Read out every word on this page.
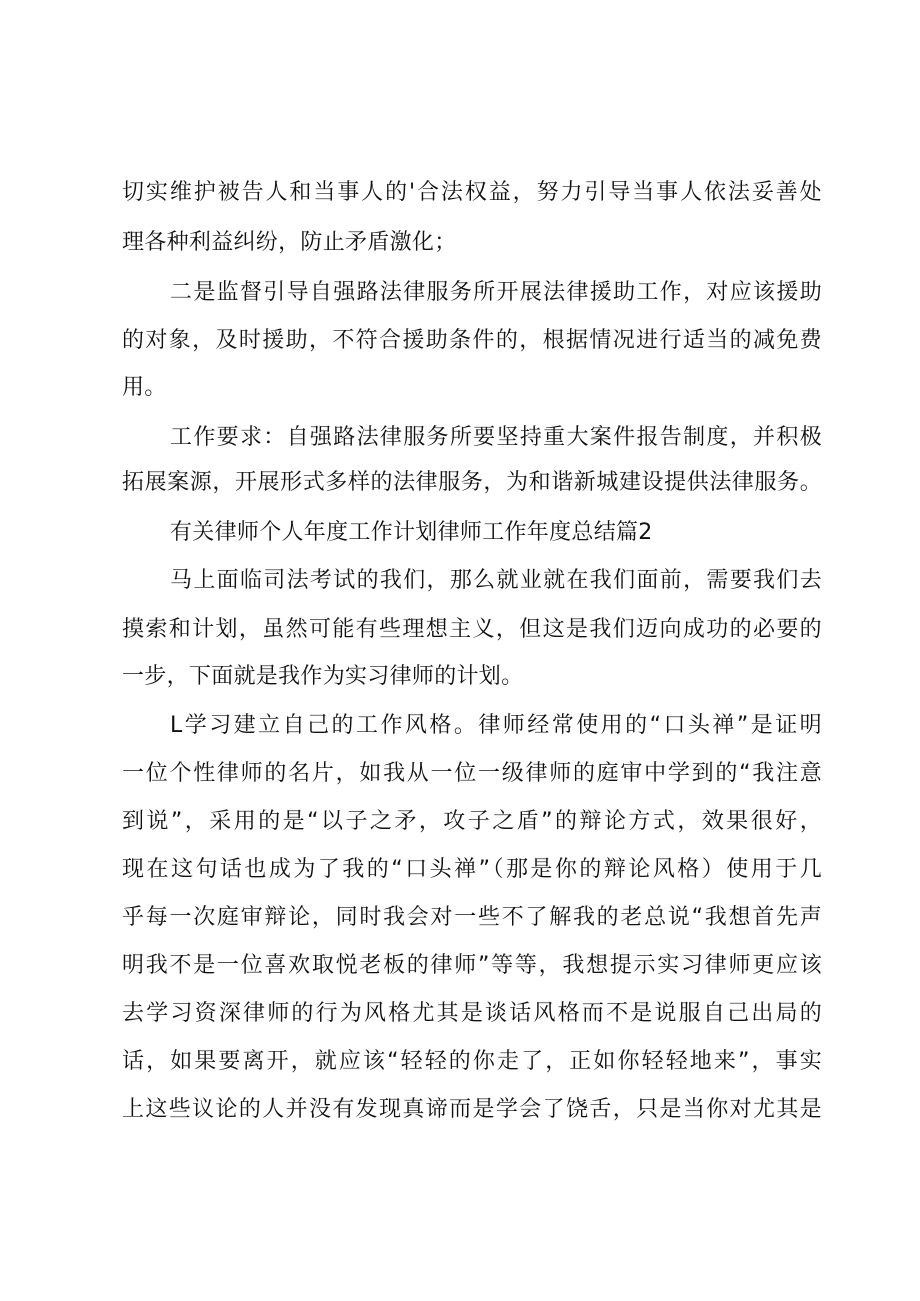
切实维护被告人和当事人的'合法权益，努力引导当事人依法妥善处
理各种利益纠纷，防止矛盾激化；
二是监督引导自强路法律服务所开展法律援助工作，对应该援助
的对象，及时援助，不符合援助条件的，根据情况进行适当的减免费
用。
工作要求：自强路法律服务所要坚持重大案件报告制度，并积极
拓展案源，开展形式多样的法律服务，为和谐新城建设提供法律服务。
有关律师个人年度工作计划律师工作年度总结篇2
马上面临司法考试的我们，那么就业就在我们面前，需要我们去
摸索和计划，虽然可能有些理想主义，但这是我们迈向成功的必要的
一步，下面就是我作为实习律师的计划。
L学习建立自己的工作风格。律师经常使用的“口头禅”是证明
一位个性律师的名片，如我从一位一级律师的庭审中学到的“我注意
到说”，采用的是“以子之矛，攻子之盾”的辩论方式，效果很好，
现在这句话也成为了我的“口头禅”（那是你的辩论风格）使用于几
乎每一次庭审辩论，同时我会对一些不了解我的老总说“我想首先声
明我不是一位喜欢取悦老板的律师”等等，我想提示实习律师更应该
去学习资深律师的行为风格尤其是谈话风格而不是说服自己出局的
话，如果要离开，就应该“轻轻的你走了，正如你轻轻地来”，事实
上这些议论的人并没有发现真谛而是学会了饶舌，只是当你对尤其是
